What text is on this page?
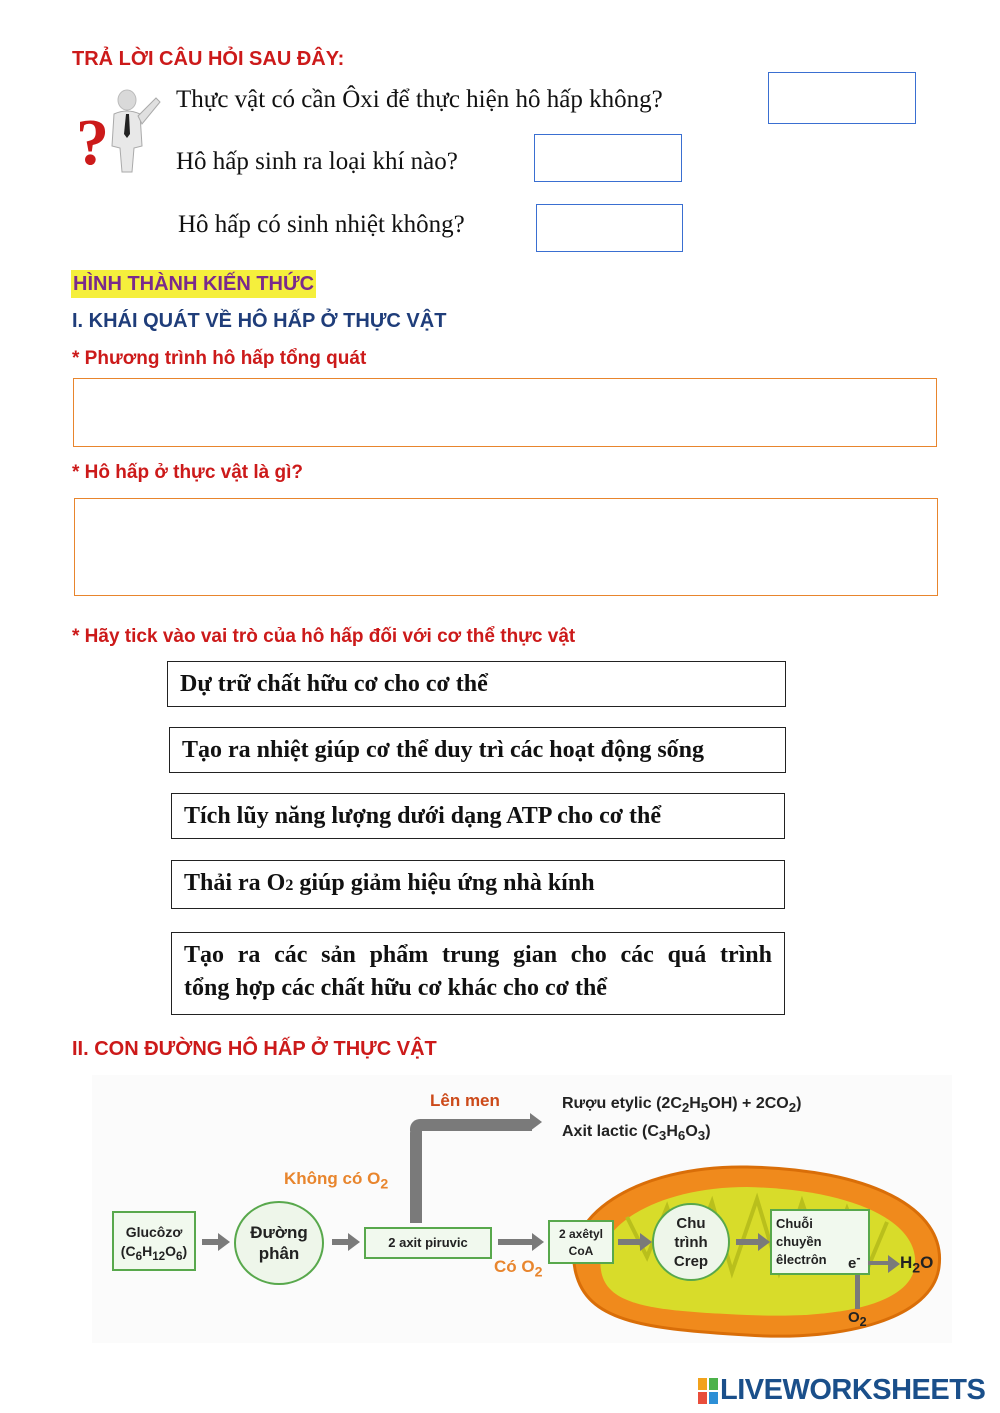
TRẢ LỜI CÂU HỎI SAU ĐÂY:
?
Thực vật có cần Ôxi để thực hiện hô hấp không?
Hô hấp sinh ra loại khí nào?
Hô hấp có sinh nhiệt không?
HÌNH THÀNH KIẾN THỨC
I. KHÁI QUÁT VỀ HÔ HẤP Ở THỰC VẬT
* Phương trình hô hấp tổng quát
* Hô hấp ở thực vật là gì?
* Hãy tick vào vai trò của hô hấp đối với cơ thể thực vật
Dự trữ chất hữu cơ cho cơ thể
Tạo ra nhiệt giúp cơ thể duy trì các hoạt động sống
Tích lũy năng lượng dưới dạng ATP cho cơ thể
Thải ra O2 giúp giảm hiệu ứng nhà kính
Tạo ra các sản phẩm trung gian cho các quá trình
tổng hợp các chất hữu cơ khác cho cơ thể
II. CON ĐƯỜNG HÔ HẤP Ở THỰC VẬT
Lên men	Rượu etylic $(2C_2H_5OH) + 2CO_2$)
Axit lactic $(C_3H_6O_3)$
Không có $O_2$
Glucôzơ
$(C_6H_{12}O_6)$
Đường
phân
2 axit piruvic
Có $O_2$
2 axêtyl
CoA
Chu
trình
Crep
Chuỗi
chuyền
êlectrôn	e- $H_2O$
$O_2$
LIVEWORKSHEETS
